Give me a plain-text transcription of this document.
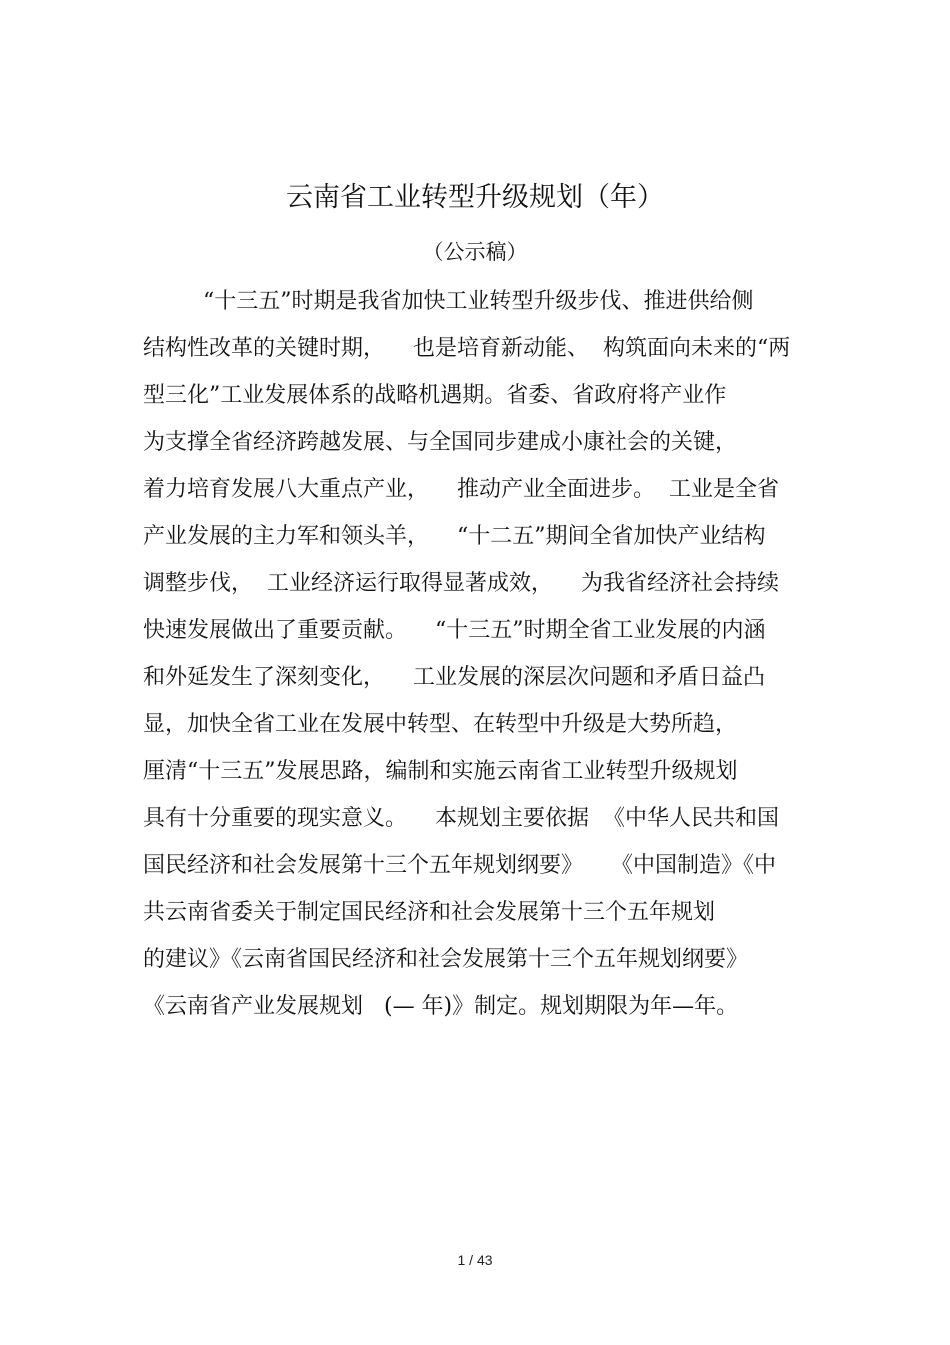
云南省工业转型升级规划（年）
（公示稿）
“十三五”时期是我省加快工业转型升级步伐、推进供给侧
结构性改革的关键时期，    也是培育新动能、  构筑面向未来的“两
型三化”工业发展体系的战略机遇期。省委、省政府将产业作
为支撑全省经济跨越发展、与全国同步建成小康社会的关键，
着力培育发展八大重点产业，    推动产业全面进步。  工业是全省
产业发展的主力军和领头羊，    “十二五”期间全省加快产业结构
调整步伐，  工业经济运行取得显著成效，    为我省经济社会持续
快速发展做出了重要贡献。    “十三五”时期全省工业发展的内涵
和外延发生了深刻变化，    工业发展的深层次问题和矛盾日益凸
显，加快全省工业在发展中转型、在转型中升级是大势所趋，
厘清“十三五”发展思路，编制和实施云南省工业转型升级规划
具有十分重要的现实意义。    本规划主要依据  《中华人民共和国
国民经济和社会发展第十三个五年规划纲要》    《中国制造》《中
共云南省委关于制定国民经济和社会发展第十三个五年规划
的建议》《云南省国民经济和社会发展第十三个五年规划纲要》
《云南省产业发展规划   (— 年)》制定。规划期限为年—年。
1 / 43
